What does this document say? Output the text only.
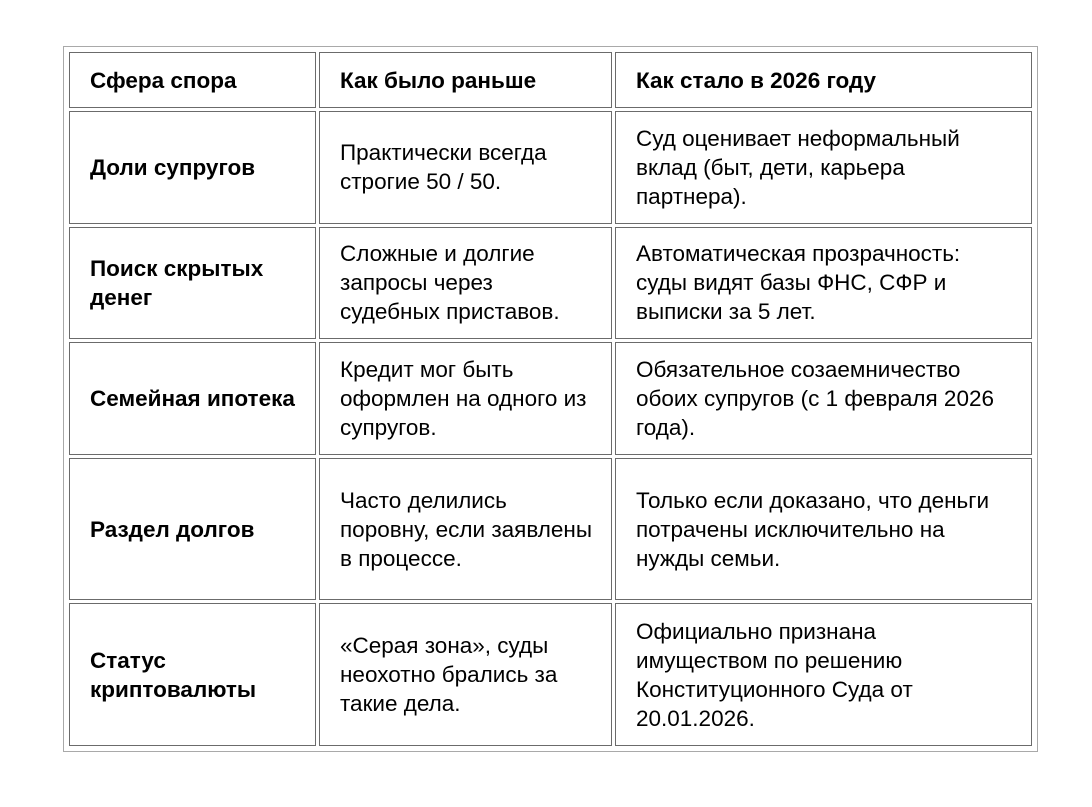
Сфера спора	Как было раньше	Как стало в 2026 году
Доли супругов	Практически всегда строгие 50 / 50.	Суд оценивает неформальный вклад (быт, дети, карьера партнера).
Поиск скрытых денег	Сложные и долгие запросы через судебных приставов.	Автоматическая прозрачность: суды видят базы ФНС, СФР и выписки за 5 лет.
Семейная ипотека	Кредит мог быть оформлен на одного из супругов.	Обязательное созаемничество обоих супругов (с 1 февраля 2026 года).
Раздел долгов	Часто делились поровну, если заявлены в процессе.	Только если доказано, что деньги потрачены исключительно на нужды семьи.
Статус криптовалюты	«Серая зона», суды неохотно брались за такие дела.	Официально признана имуществом по решению Конституционного Суда от 20.01.2026.
